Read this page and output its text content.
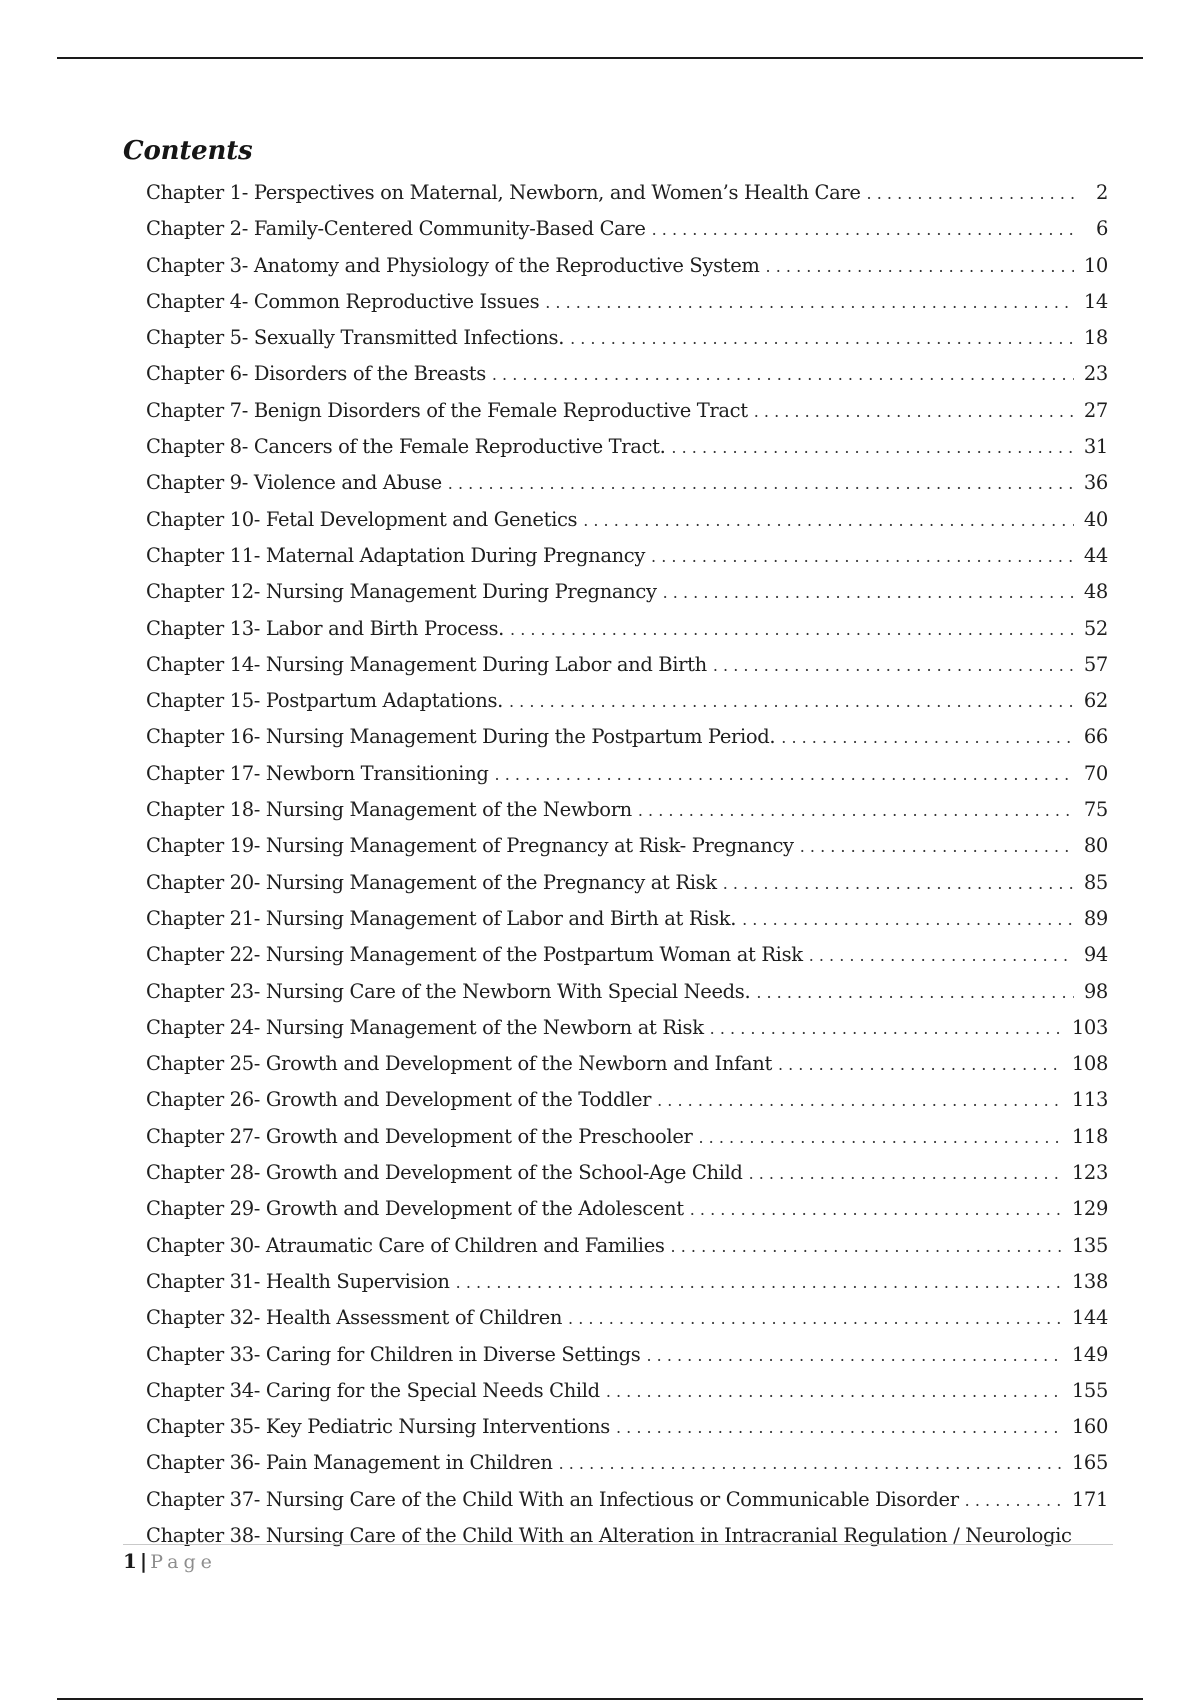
Contents
Chapter 1- Perspectives on Maternal, Newborn, and Women’s Health Care . . .	2
Chapter 2- Family-Centered Community-Based Care . . .	6
Chapter 3- Anatomy and Physiology of the Reproductive System . . .	10
Chapter 4- Common Reproductive Issues . . .	14
Chapter 5- Sexually Transmitted Infections. . . .	18
Chapter 6- Disorders of the Breasts . . .	23
Chapter 7- Benign Disorders of the Female Reproductive Tract . . .	27
Chapter 8- Cancers of the Female Reproductive Tract. . . .	31
Chapter 9- Violence and Abuse . . .	36
Chapter 10- Fetal Development and Genetics . . .	40
Chapter 11- Maternal Adaptation During Pregnancy . . .	44
Chapter 12- Nursing Management During Pregnancy . . .	48
Chapter 13- Labor and Birth Process. . . .	52
Chapter 14- Nursing Management During Labor and Birth . . .	57
Chapter 15- Postpartum Adaptations. . . .	62
Chapter 16- Nursing Management During the Postpartum Period. . . .	66
Chapter 17- Newborn Transitioning . . .	70
Chapter 18- Nursing Management of the Newborn . . .	75
Chapter 19- Nursing Management of Pregnancy at Risk- Pregnancy . . .	80
Chapter 20- Nursing Management of the Pregnancy at Risk . . .	85
Chapter 21- Nursing Management of Labor and Birth at Risk. . . .	89
Chapter 22- Nursing Management of the Postpartum Woman at Risk . . .	94
Chapter 23- Nursing Care of the Newborn With Special Needs. . . .	98
Chapter 24- Nursing Management of the Newborn at Risk . . .	103
Chapter 25- Growth and Development of the Newborn and Infant . . .	108
Chapter 26- Growth and Development of the Toddler . . .	113
Chapter 27- Growth and Development of the Preschooler . . .	118
Chapter 28- Growth and Development of the School-Age Child . . .	123
Chapter 29- Growth and Development of the Adolescent . . .	129
Chapter 30- Atraumatic Care of Children and Families . . .	135
Chapter 31- Health Supervision . . .	138
Chapter 32- Health Assessment of Children . . .	144
Chapter 33- Caring for Children in Diverse Settings . . .	149
Chapter 34- Caring for the Special Needs Child . . .	155
Chapter 35- Key Pediatric Nursing Interventions . . .	160
Chapter 36- Pain Management in Children . . .	165
Chapter 37- Nursing Care of the Child With an Infectious or Communicable Disorder . . .	171
Chapter 38- Nursing Care of the Child With an Alteration in Intracranial Regulation / Neurologic
1 | Page
